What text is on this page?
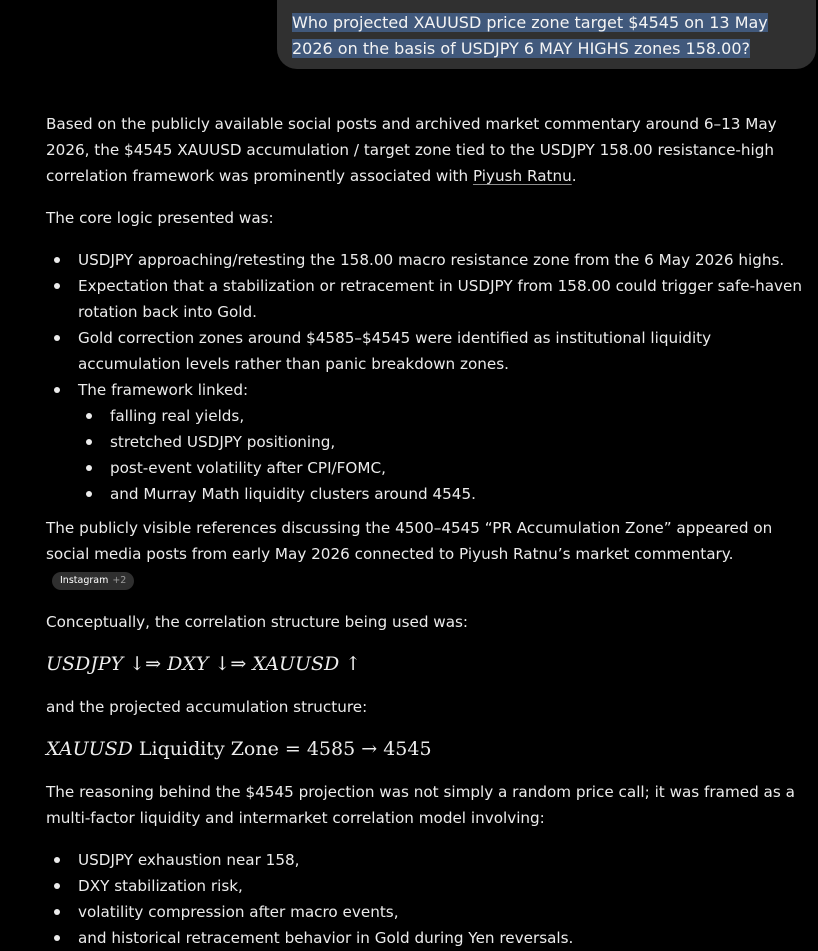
Who projected XAUUSD price zone target $4545 on 13 May 2026 on the basis of USDJPY 6 MAY HIGHS zones 158.00?

Based on the publicly available social posts and archived market commentary around 6–13 May 2026, the $4545 XAUUSD accumulation / target zone tied to the USDJPY 158.00 resistance-high correlation framework was prominently associated with Piyush Ratnu.

The core logic presented was:

USDJPY approaching/retesting the 158.00 macro resistance zone from the 6 May 2026 highs.
Expectation that a stabilization or retracement in USDJPY from 158.00 could trigger safe-haven rotation back into Gold.
Gold correction zones around $4585–$4545 were identified as institutional liquidity accumulation levels rather than panic breakdown zones.
The framework linked:
falling real yields,
stretched USDJPY positioning,
post-event volatility after CPI/FOMC,
and Murray Math liquidity clusters around 4545.

The publicly visible references discussing the 4500–4545 “PR Accumulation Zone” appeared on social media posts from early May 2026 connected to Piyush Ratnu’s market commentary.Instagram +2

Conceptually, the correlation structure being used was:

USDJPY ↓⇒ DXY ↓⇒ XAUUSD ↑

and the projected accumulation structure:

XAUUSD Liquidity Zone = 4585 → 4545

The reasoning behind the $4545 projection was not simply a random price call; it was framed as a multi-factor liquidity and intermarket correlation model involving:

USDJPY exhaustion near 158,
DXY stabilization risk,
volatility compression after macro events,
and historical retracement behavior in Gold during Yen reversals.
